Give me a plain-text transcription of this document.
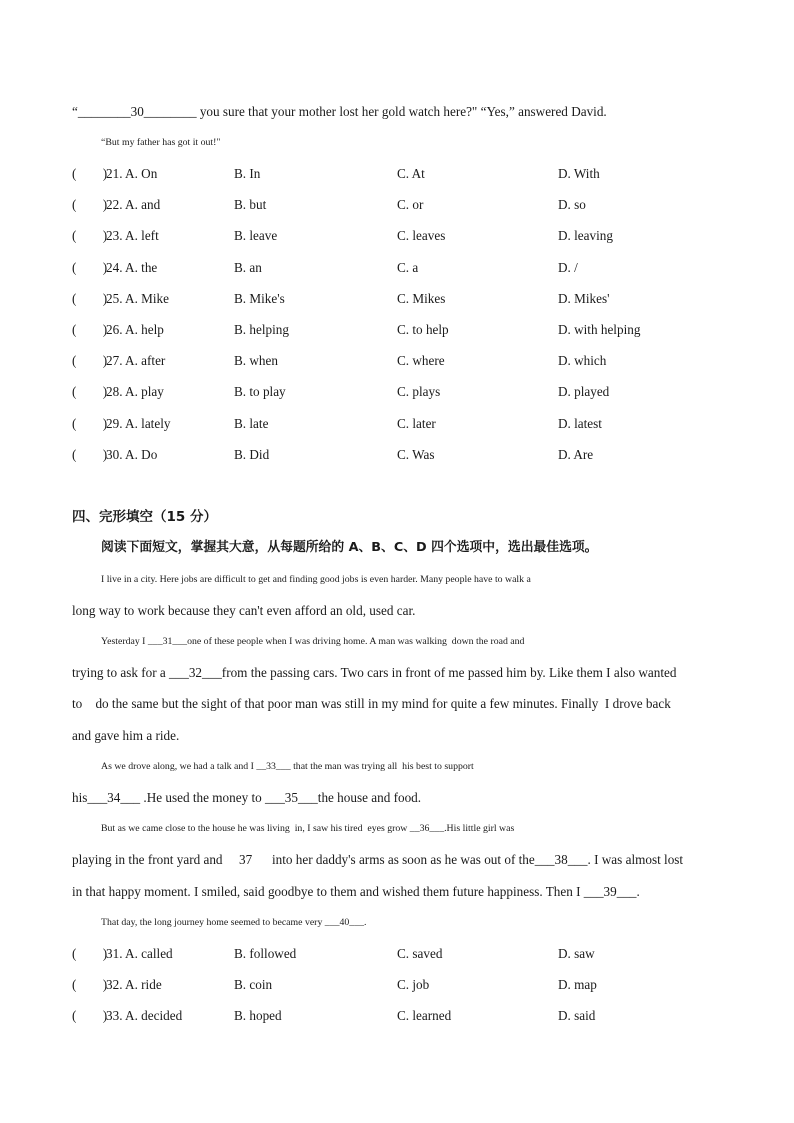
“________30________ you sure that your mother lost her gold watch here?" “Yes,” answered David.
“But my father has got it out!"
(        )
21. A. On	B. In	C. At	D. With
(        )
22. A. and	B. but	C. or	D. so
(        )
23. A. left	B. leave	C. leaves	D. leaving
(        )
24. A. the	B. an	C. a	D. /
(        )
25. A. Mike	B. Mike's	C. Mikes	D. Mikes'
(        )
26. A. help	B. helping	C. to help	D. with helping
(        )
27. A. after	B. when	C. where	D. which
(        )
28. A. play	B. to play	C. plays	D. played
(        )
29. A. lately	B. late	C. later	D. latest
(        )
30. A. Do	B. Did	C. Was	D. Are
四、完形填空（15 分）
阅读下面短文，掌握其大意，从每题所给的 A、B、C、D 四个选项中，选出最佳选项。
I live in a city. Here jobs are difficult to get and finding good jobs is even harder. Many people have to walk a
long way to work because they can't even afford an old, used car.
Yesterday I ___31___one of these people when I was driving home. A man was walking  down the road and
trying to ask for a ___32___from the passing cars. Two cars in front of me passed him by. Like them I also wanted
to    do the same but the sight of that poor man was still in my mind for quite a few minutes. Finally  I drove back
and gave him a ride.
As we drove along, we had a talk and I __33___ that the man was trying all  his best to support
his___34___ .He used the money to ___35___the house and food.
But as we came close to the house he was living  in, I saw his tired  eyes grow __36___.His little girl was
playing in the front yard and     37      into her daddy's arms as soon as he was out of the___38___. I was almost lost
in that happy moment. I smiled, said goodbye to them and wished them future happiness. Then I ___39___.
That day, the long journey home seemed to became very ___40___.
(        )
31. A. called	B. followed	C. saved	D. saw
(        )
32. A. ride	B. coin	C. job	D. map
(        )
33. A. decided	B. hoped	C. learned	D. said
